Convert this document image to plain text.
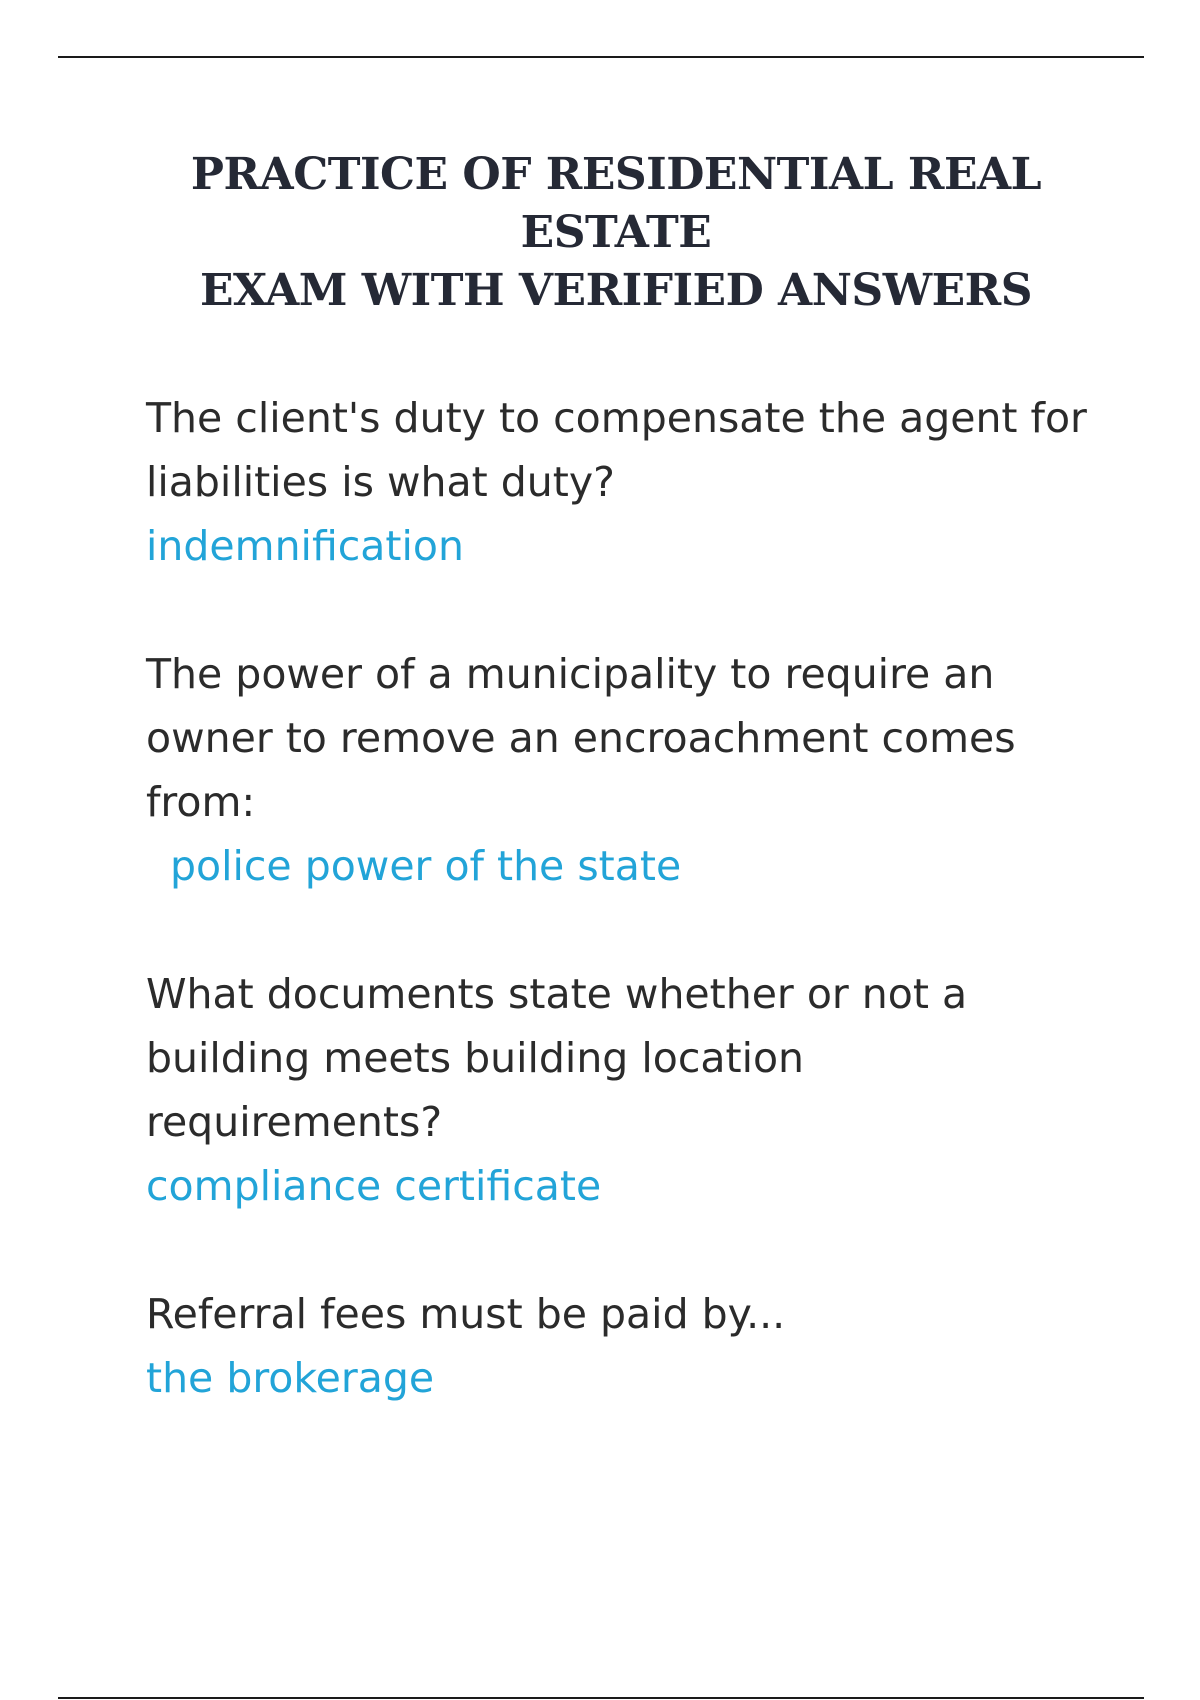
PRACTICE OF RESIDENTIAL REAL ESTATE
EXAM WITH VERIFIED ANSWERS

The client's duty to compensate the agent for liabilities is what duty?

indemnification

The power of a municipality to require an owner to remove an encroachment comes from:

police power of the state

What documents state whether or not a building meets building location requirements?

compliance certificate

Referral fees must be paid by...

the brokerage
